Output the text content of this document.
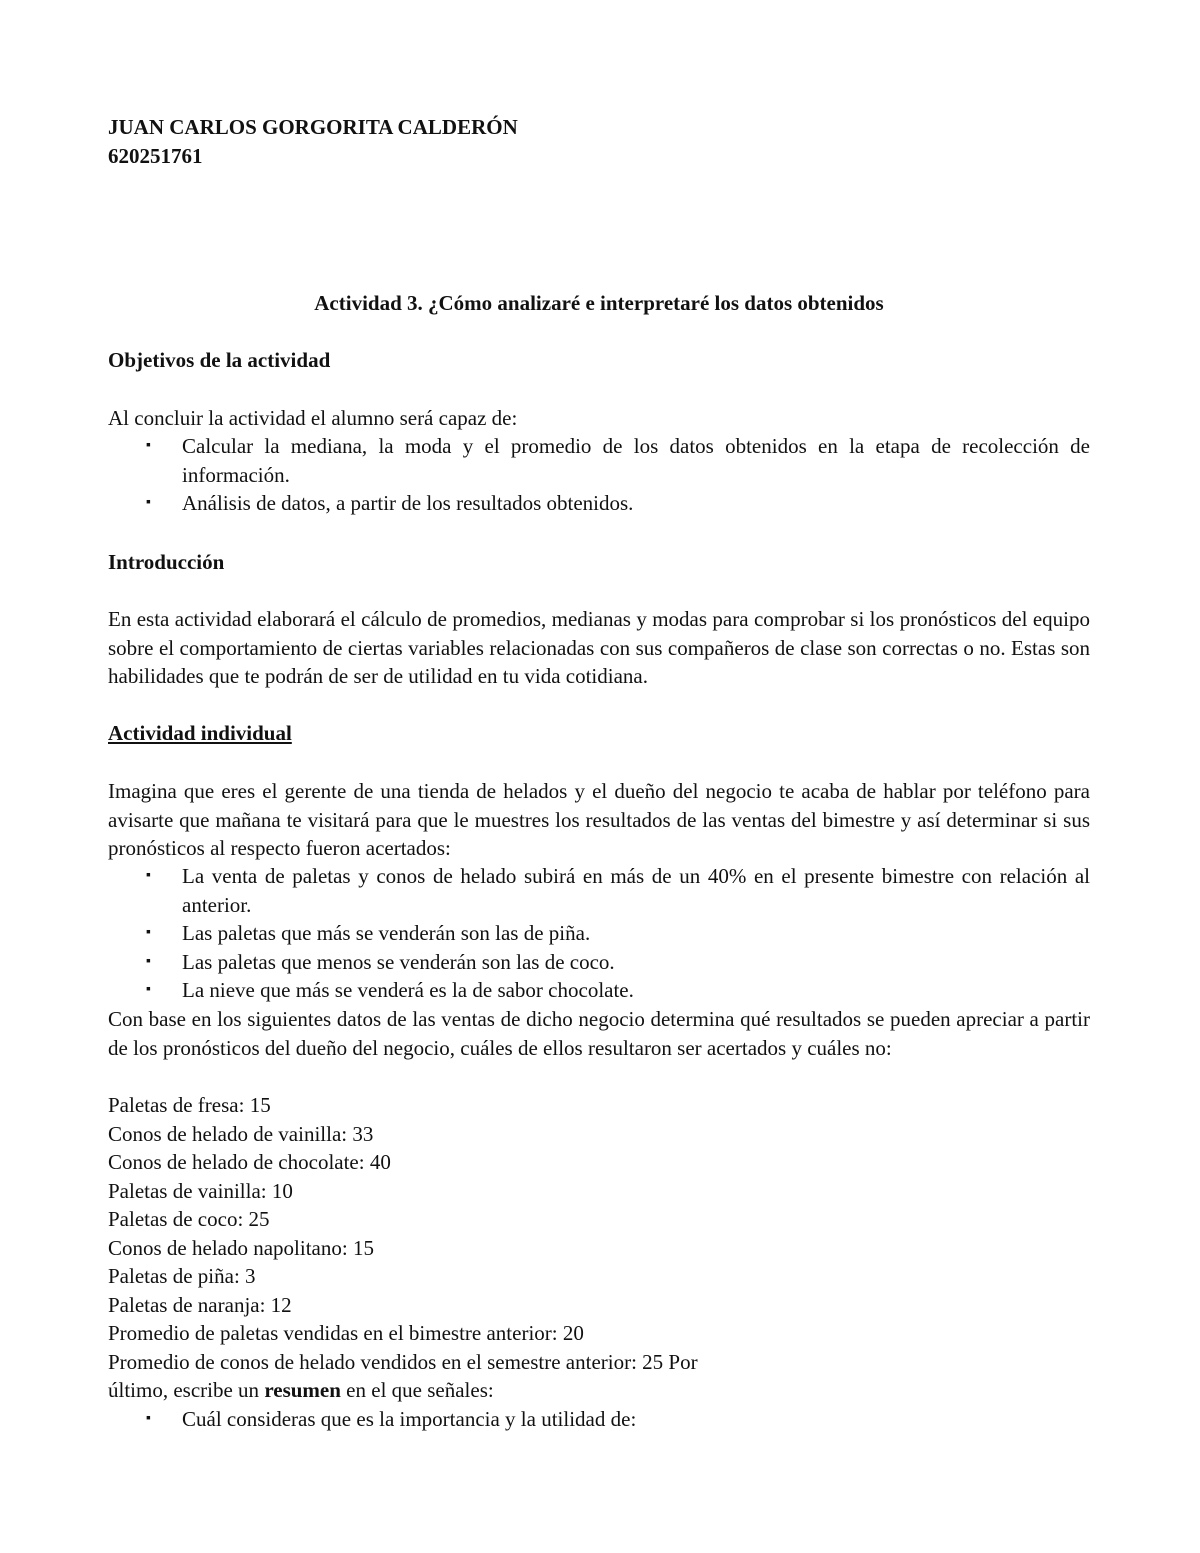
JUAN CARLOS GORGORITA CALDERÓN

620251761

Actividad 3. ¿Cómo analizaré e interpretaré los datos obtenidos

Objetivos de la actividad

Al concluir la actividad el alumno será capaz de:

▪ Calcular la mediana, la moda y el promedio de los datos obtenidos en la etapa de recolección de información.
▪ Análisis de datos, a partir de los resultados obtenidos.

Introducción

En esta actividad elaborará el cálculo de promedios, medianas y modas para comprobar si los pronósticos del equipo sobre el comportamiento de ciertas variables relacionadas con sus compañeros de clase son correctas o no. Estas son habilidades que te podrán de ser de utilidad en tu vida cotidiana.

Actividad individual

Imagina que eres el gerente de una tienda de helados y el dueño del negocio te acaba de hablar por teléfono para avisarte que mañana te visitará para que le muestres los resultados de las ventas del bimestre y así determinar si sus pronósticos al respecto fueron acertados:

▪ La venta de paletas y conos de helado subirá en más de un 40% en el presente bimestre con relación al anterior.
▪ Las paletas que más se venderán son las de piña.
▪ Las paletas que menos se venderán son las de coco.
▪ La nieve que más se venderá es la de sabor chocolate.

Con base en los siguientes datos de las ventas de dicho negocio determina qué resultados se pueden apreciar a partir de los pronósticos del dueño del negocio, cuáles de ellos resultaron ser acertados y cuáles no:

Paletas de fresa: 15
Conos de helado de vainilla: 33
Conos de helado de chocolate: 40
Paletas de vainilla: 10
Paletas de coco: 25
Conos de helado napolitano: 15
Paletas de piña: 3
Paletas de naranja: 12
Promedio de paletas vendidas en el bimestre anterior: 20
Promedio de conos de helado vendidos en el semestre anterior: 25 Por
último, escribe un resumen en el que señales:
▪ Cuál consideras que es la importancia y la utilidad de:
